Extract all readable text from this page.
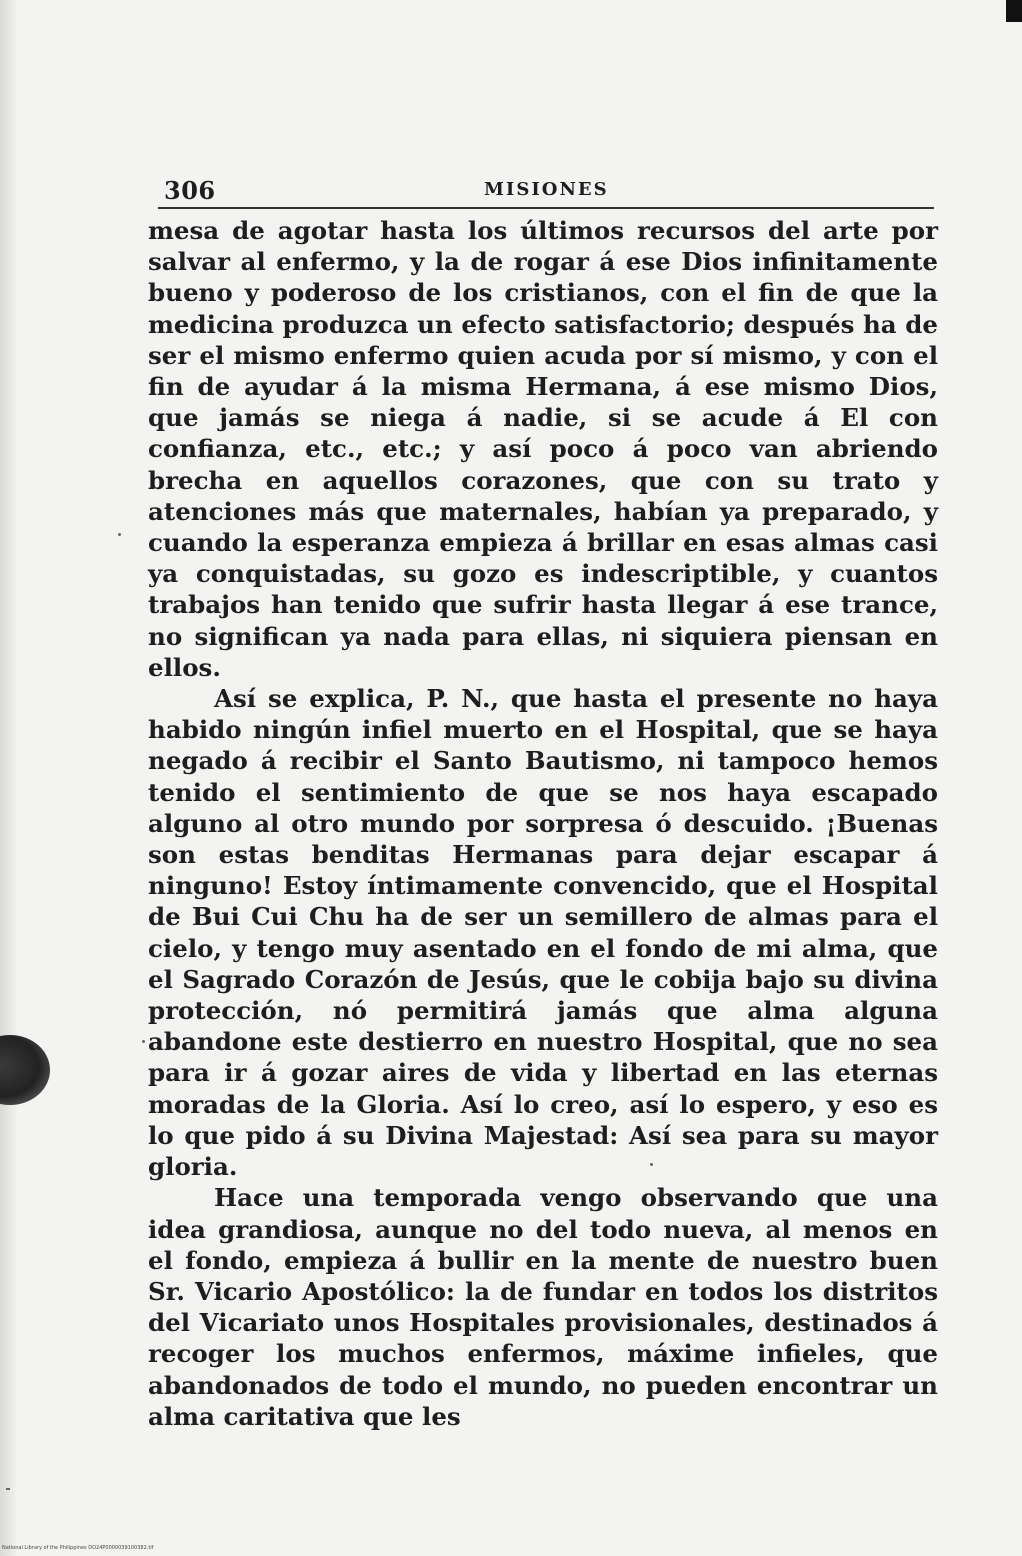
306	MISIONES

mesa de agotar hasta los últimos recursos del arte por salvar al enfermo, y la de rogar á ese Dios infinitamente bueno y poderoso de los cristianos, con el fin de que la medicina produzca un efecto satisfactorio; después ha de ser el mismo enfermo quien acuda por sí mismo, y con el fin de ayudar á la misma Hermana, á ese mismo Dios, que jamás se niega á nadie, si se acude á El con confianza, etc., etc.; y así poco á poco van abriendo brecha en aquellos corazones, que con su trato y atenciones más que maternales, habían ya preparado, y cuando la esperanza empieza á brillar en esas almas casi ya conquistadas, su gozo es indescriptible, y cuantos trabajos han tenido que sufrir hasta llegar á ese trance, no significan ya nada para ellas, ni siquiera piensan en ellos.

Así se explica, P. N., que hasta el presente no haya habido ningún infiel muerto en el Hospital, que se haya negado á recibir el Santo Bautismo, ni tampoco hemos tenido el sentimiento de que se nos haya escapado alguno al otro mundo por sorpresa ó descuido. ¡Buenas son estas benditas Hermanas para dejar escapar á ninguno! Estoy íntimamente convencido, que el Hospital de Bui Cui Chu ha de ser un semillero de almas para el cielo, y tengo muy asentado en el fondo de mi alma, que el Sagrado Corazón de Jesús, que le cobija bajo su divina protección, nó permitirá jamás que alma alguna abandone este destierro en nuestro Hospital, que no sea para ir á gozar aires de vida y libertad en las eternas moradas de la Gloria. Así lo creo, así lo espero, y eso es lo que pido á su Divina Majestad: Así sea para su mayor gloria.

Hace una temporada vengo observando que una idea grandiosa, aunque no del todo nueva, al menos en el fondo, empieza á bullir en la mente de nuestro buen Sr. Vicario Apostólico: la de fundar en todos los distritos del Vicariato unos Hospitales provisionales, destinados á recoger los muchos enfermos, máxime infieles, que abandonados de todo el mundo, no pueden encontrar un alma caritativa que les

National Library of the Philippines DO24P0000039100382.tif
